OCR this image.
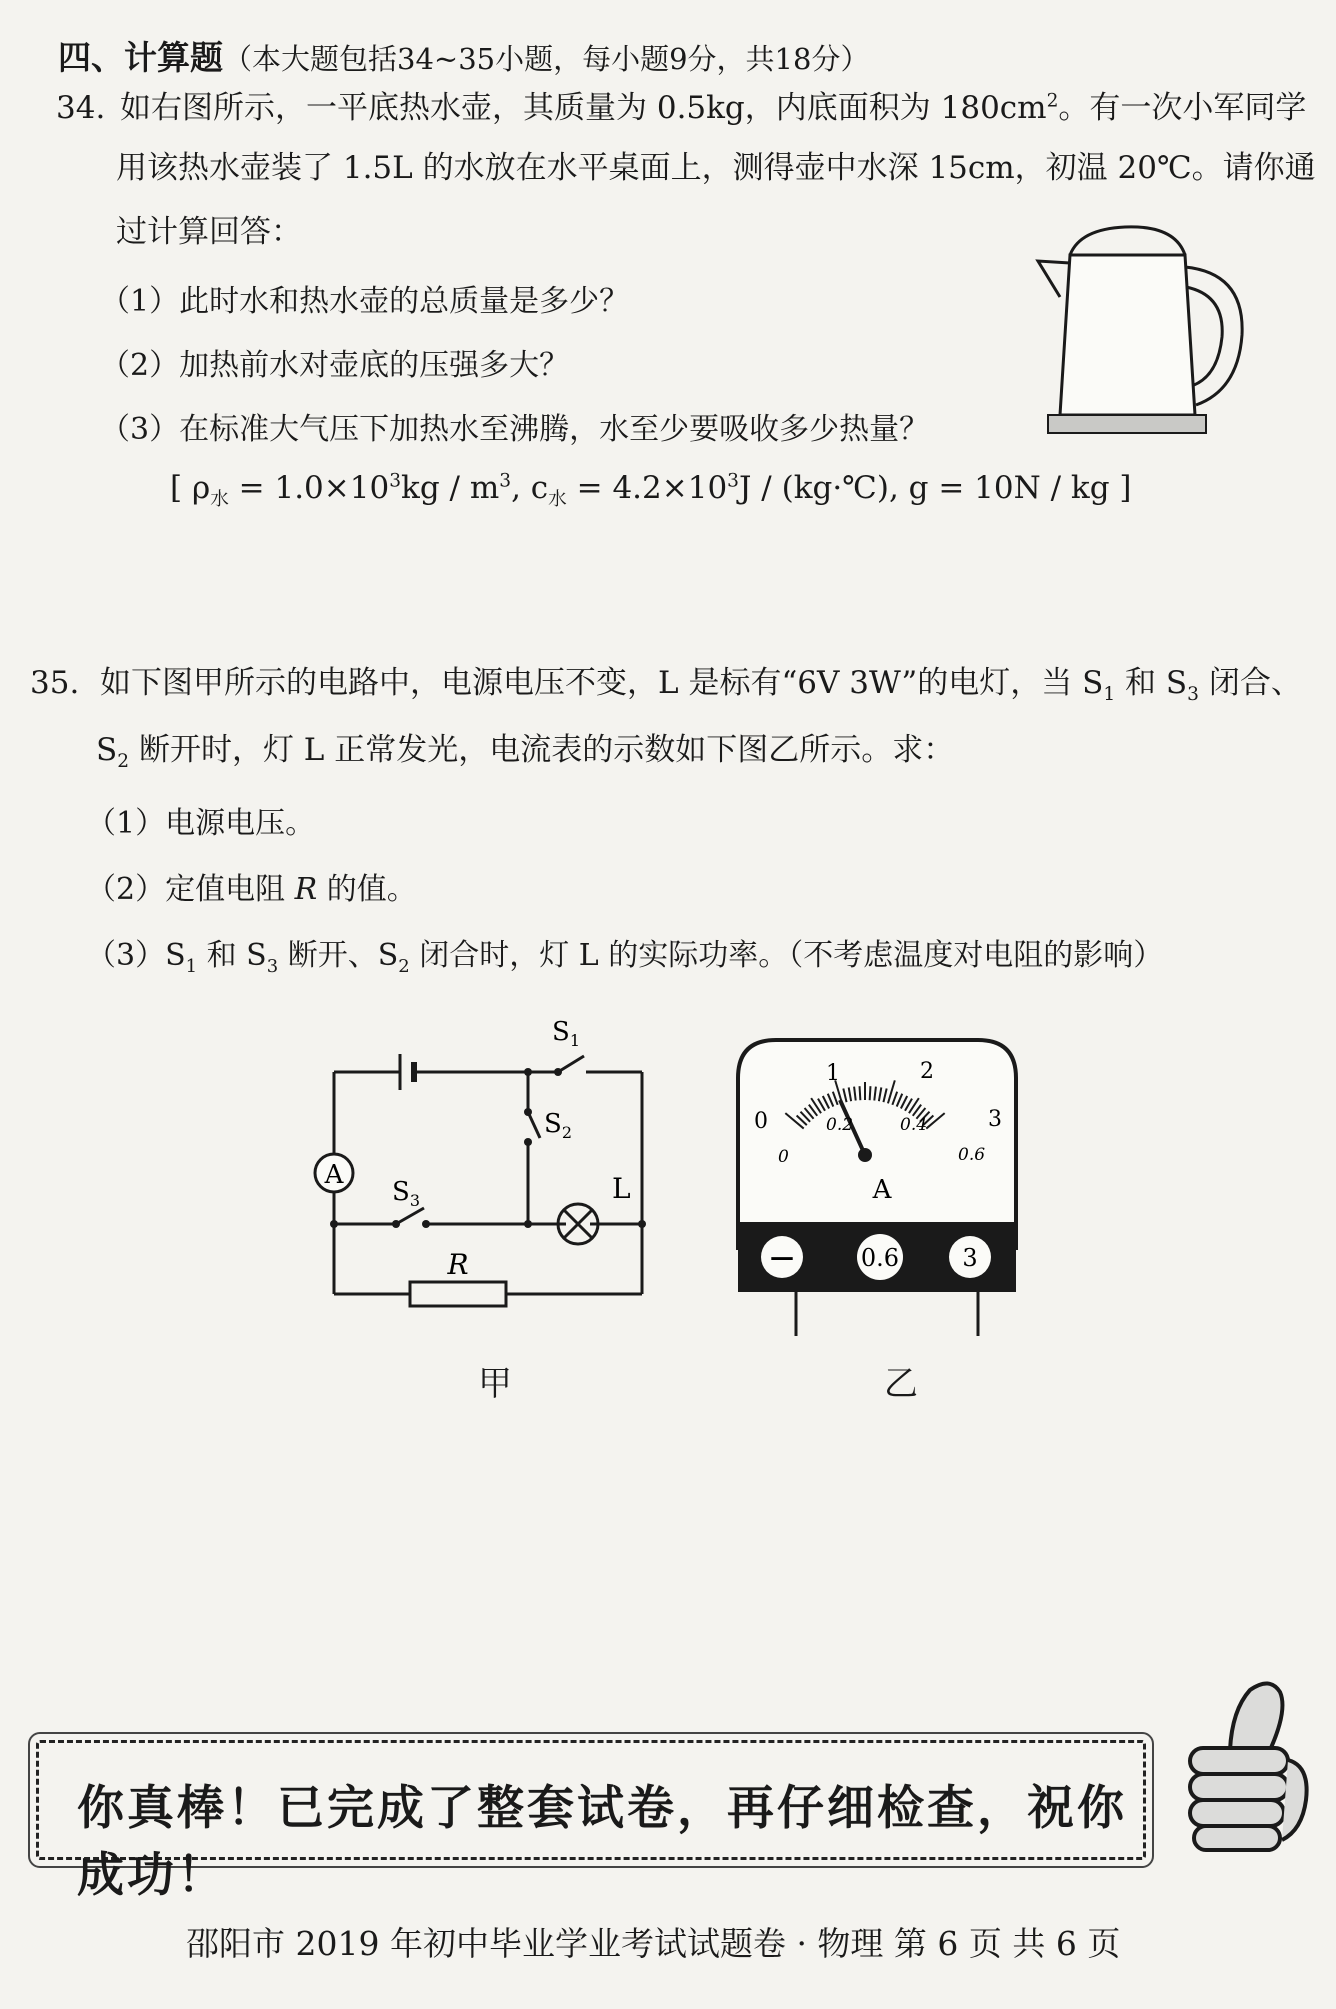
四、计算题（本大题包括34~35小题，每小题9分，共18分）
34. 如右图所示，一平底热水壶，其质量为 0.5kg，内底面积为 $180cm^2$。有一次小军同学
用该热水壶装了 1.5L 的水放在水平桌面上，测得壶中水深 15cm，初温 20℃。请你通
过计算回答：
（1）此时水和热水壶的总质量是多少？
（2）加热前水对壶底的压强多大？
（3）在标准大气压下加热水至沸腾，水至少要吸收多少热量？
[ $\rho_水 = 1.0\times 10^3kg / m^3$, $c_水 = 4.2\times 10^3J$ / (kg·℃), g = 10N / kg ]
35. 如下图甲所示的电路中，电源电压不变，L 是标有“6V 3W”的电灯，当 $S_1$ 和 $S_3$ 闭合、
$S_2$ 断开时，灯 L 正常发光，电流表的示数如下图乙所示。求：
（1）电源电压。
（2）定值电阻 R 的值。
$(3)S_1$ 和 $S_3$ 断开、$S_2$ 闭合时，灯 L 的实际功率。（不考虑温度对电阻的影响）
A
$S_1$
$S_2$
$S_3$	L
R
甲
0
1	2
3
0
0.2	0.4
0.6
A
—	0.6	3
乙
你真棒！已完成了整套试卷，再仔细检查，祝你成功！
邵阳市 2019 年初中毕业学业考试试题卷 · 物理 第 6 页 共 6 页
